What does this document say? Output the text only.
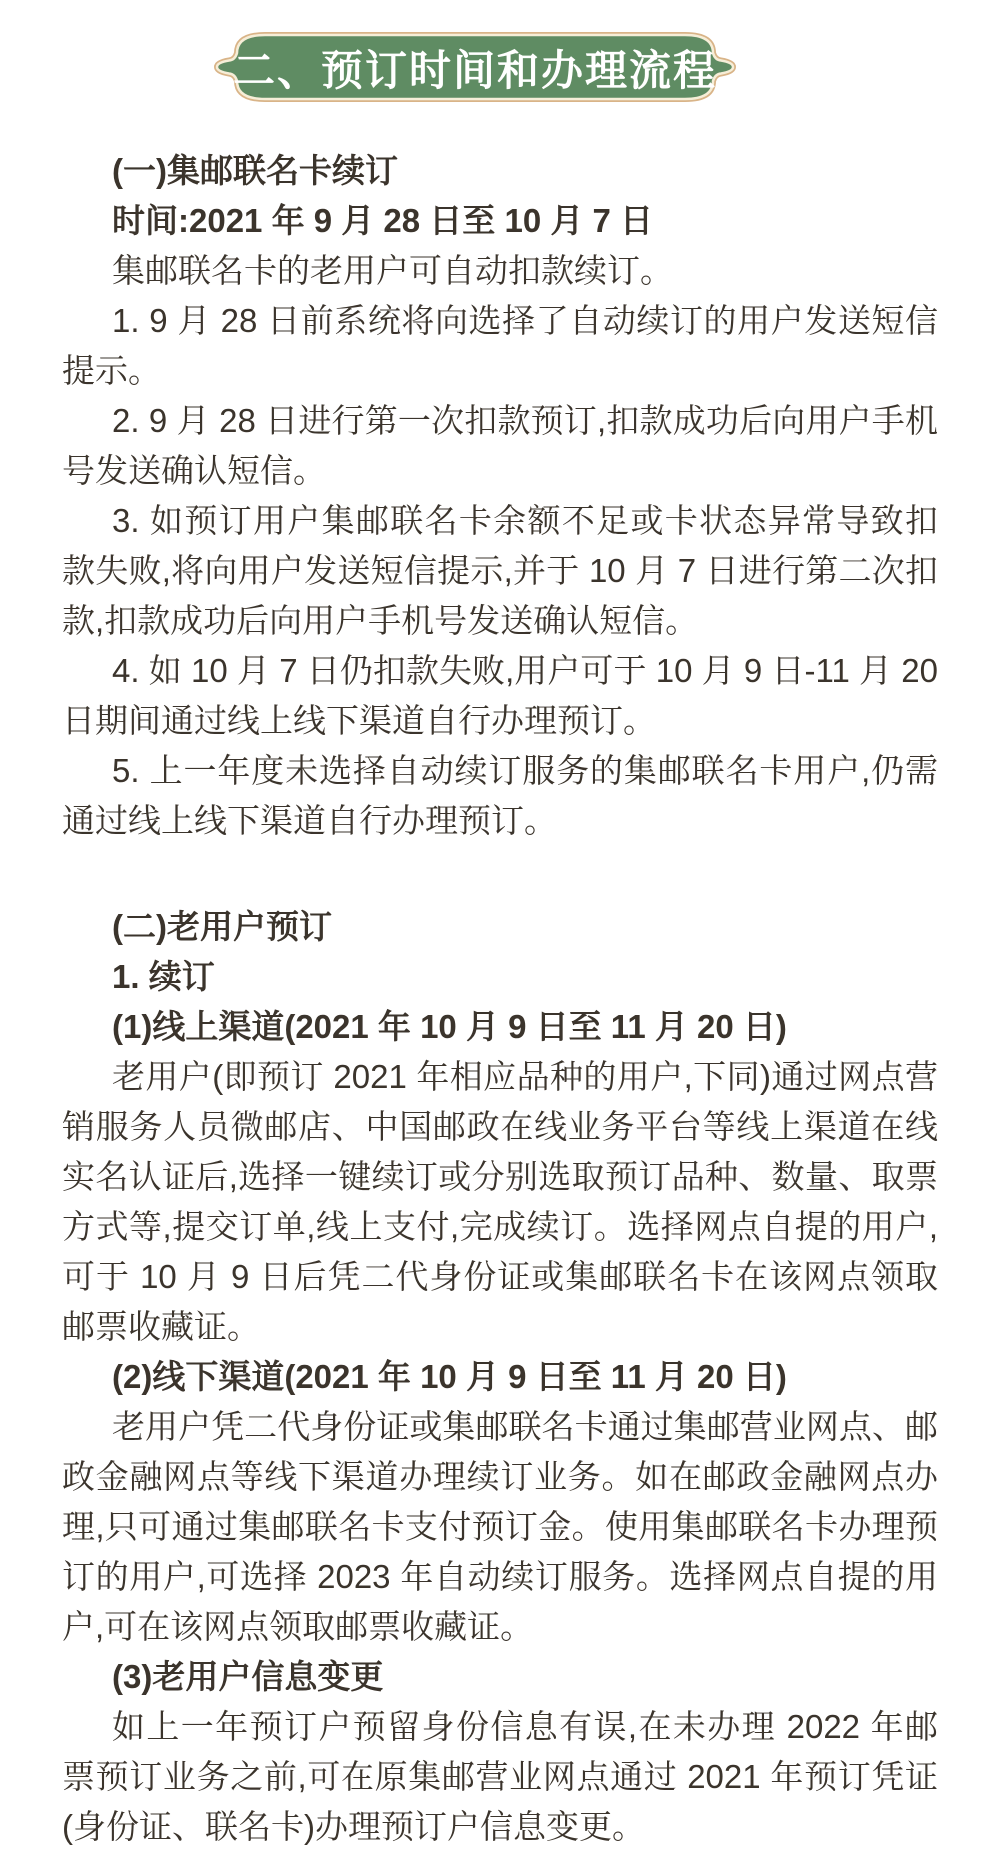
二、预订时间和办理流程

(一)集邮联名卡续订

时间:2021 年 9 月 28 日至 10 月 7 日

集邮联名卡的老用户可自动扣款续订。

1. 9 月 28 日前系统将向选择了自动续订的用户发送短信提示。

2. 9 月 28 日进行第一次扣款预订,扣款成功后向用户手机号发送确认短信。

3. 如预订用户集邮联名卡余额不足或卡状态异常导致扣款失败,将向用户发送短信提示,并于 10 月 7 日进行第二次扣款,扣款成功后向用户手机号发送确认短信。

4. 如 10 月 7 日仍扣款失败,用户可于 10 月 9 日-11 月 20 日期间通过线上线下渠道自行办理预订。

5. 上一年度未选择自动续订服务的集邮联名卡用户,仍需通过线上线下渠道自行办理预订。

(二)老用户预订

1. 续订

(1)线上渠道(2021 年 10 月 9 日至 11 月 20 日)

老用户(即预订 2021 年相应品种的用户,下同)通过网点营销服务人员微邮店、中国邮政在线业务平台等线上渠道在线实名认证后,选择一键续订或分别选取预订品种、数量、取票方式等,提交订单,线上支付,完成续订。选择网点自提的用户,可于 10 月 9 日后凭二代身份证或集邮联名卡在该网点领取邮票收藏证。

(2)线下渠道(2021 年 10 月 9 日至 11 月 20 日)

老用户凭二代身份证或集邮联名卡通过集邮营业网点、邮政金融网点等线下渠道办理续订业务。如在邮政金融网点办理,只可通过集邮联名卡支付预订金。使用集邮联名卡办理预订的用户,可选择 2023 年自动续订服务。选择网点自提的用户,可在该网点领取邮票收藏证。

(3)老用户信息变更

如上一年预订户预留身份信息有误,在未办理 2022 年邮票预订业务之前,可在原集邮营业网点通过 2021 年预订凭证(身份证、联名卡)办理预订户信息变更。
